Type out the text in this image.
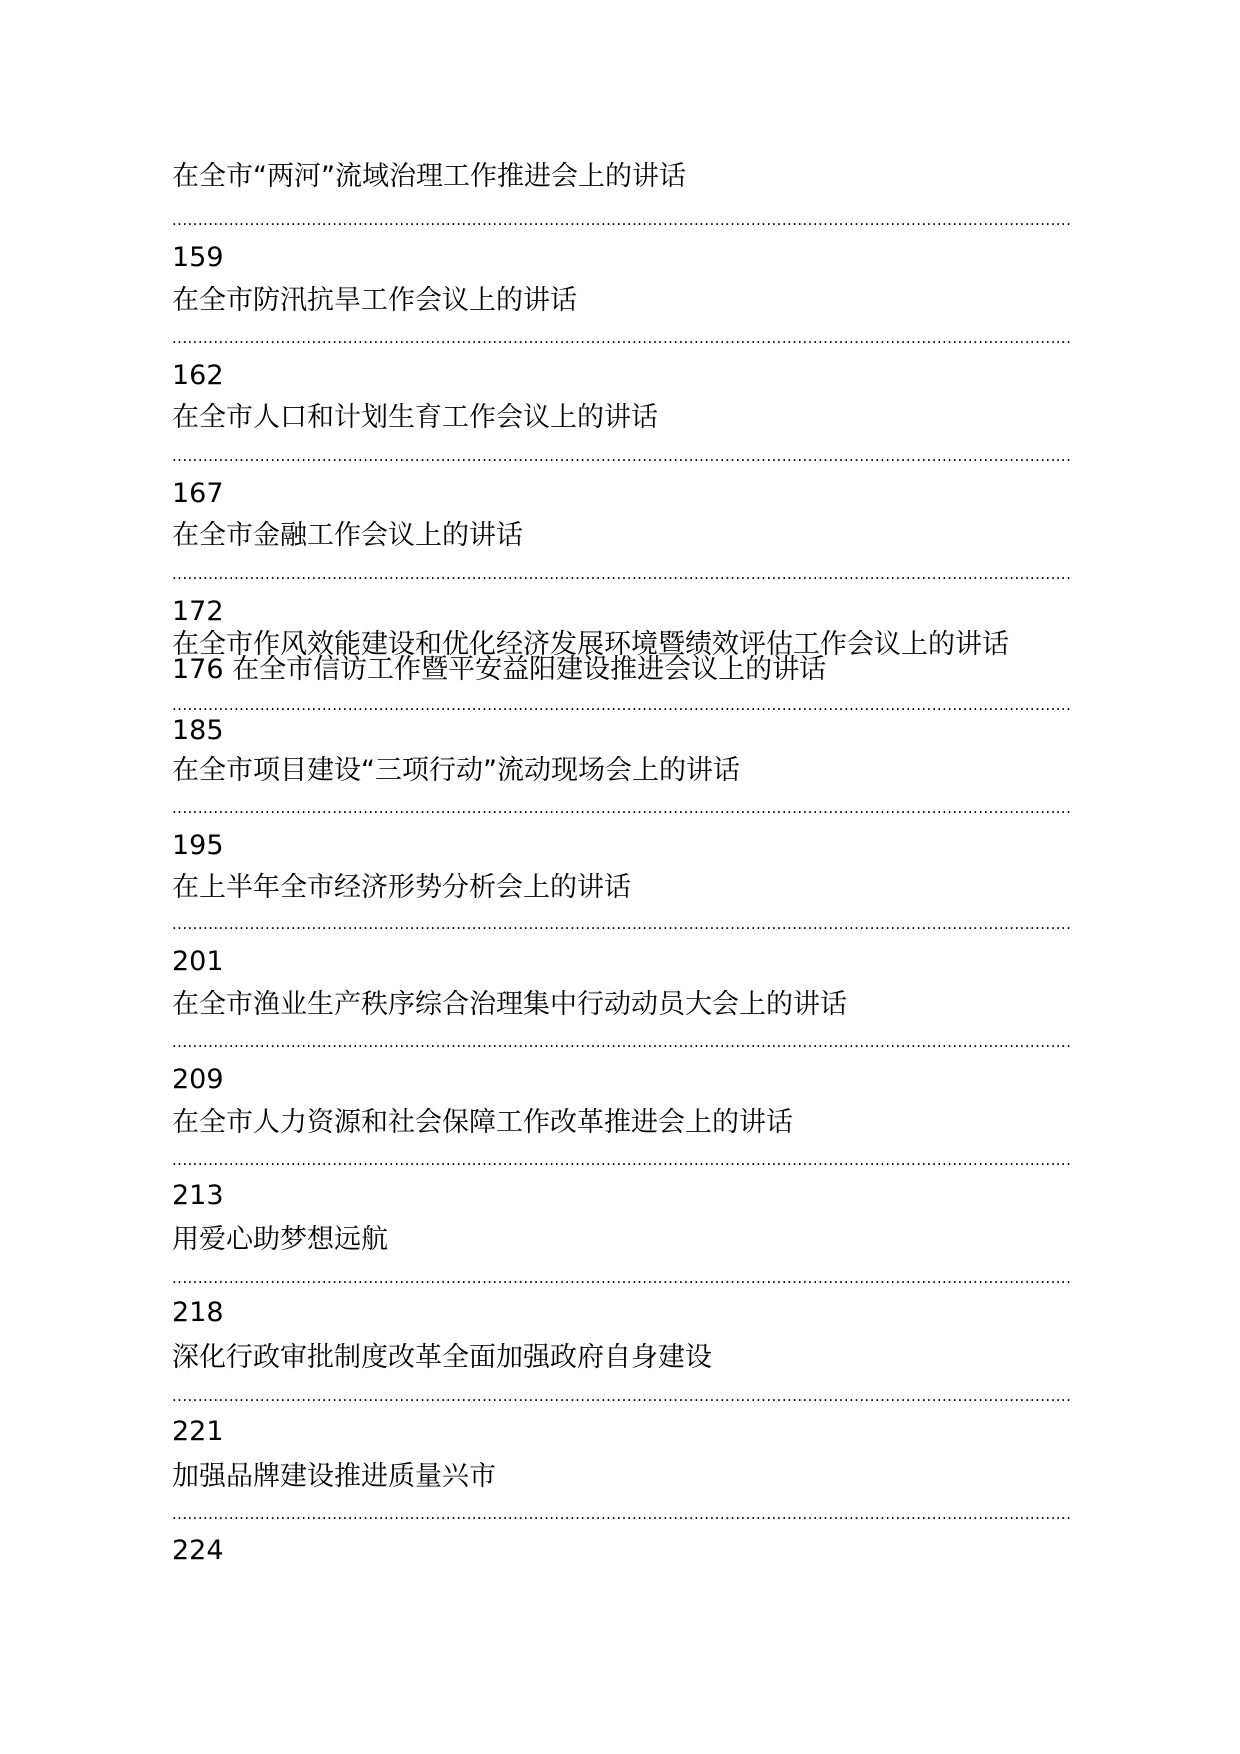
在全市“两河”流域治理工作推进会上的讲话
.....
159
在全市防汛抗旱工作会议上的讲话
.....
162
在全市人口和计划生育工作会议上的讲话
.....
167
在全市金融工作会议上的讲话
.....
172
在全市作风效能建设和优化经济发展环境暨绩效评估工作会议上的讲话
176 在全市信访工作暨平安益阳建设推进会议上的讲话
.....
185
在全市项目建设“三项行动”流动现场会上的讲话
.....
195
在上半年全市经济形势分析会上的讲话
.....
201
在全市渔业生产秩序综合治理集中行动动员大会上的讲话
.....
209
在全市人力资源和社会保障工作改革推进会上的讲话
.....
213
用爱心助梦想远航
.....
218
深化行政审批制度改革全面加强政府自身建设
.....
221
加强品牌建设推进质量兴市
.....
224
